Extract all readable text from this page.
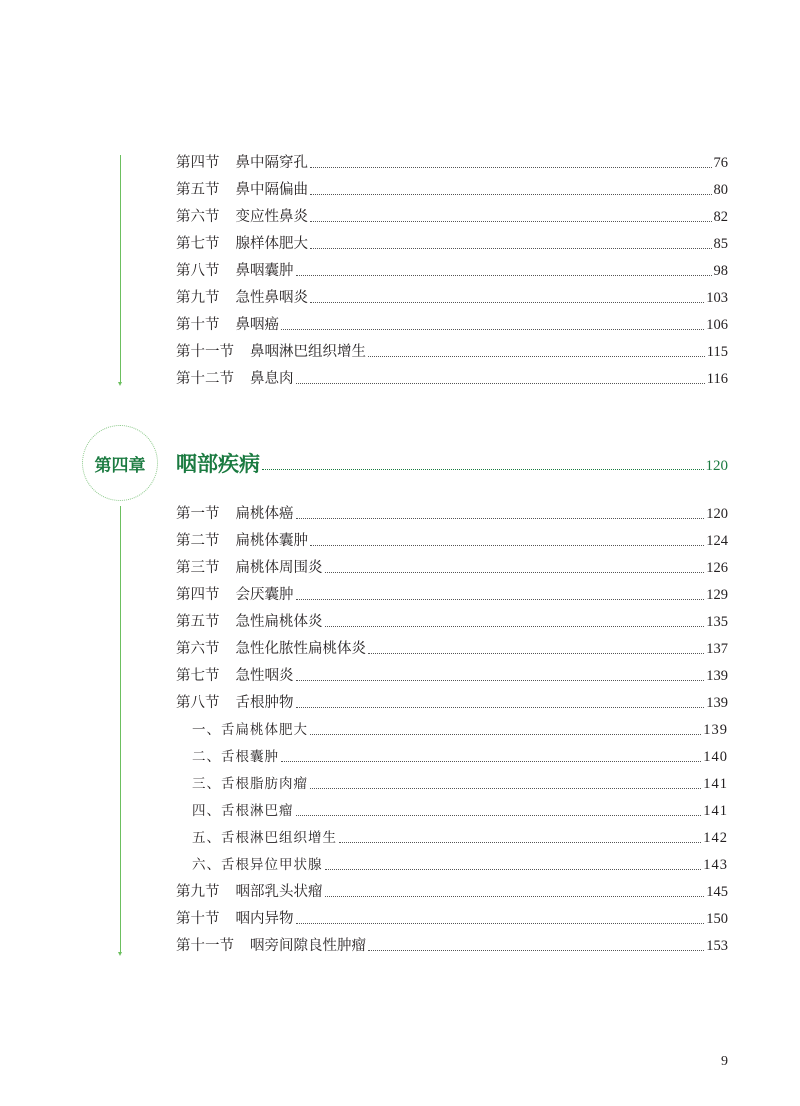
第四节 鼻中隔穿孔	76
第五节 鼻中隔偏曲	80
第六节 变应性鼻炎	82
第七节 腺样体肥大	85
第八节 鼻咽囊肿	98
第九节 急性鼻咽炎	103
第十节 鼻咽癌	106
第十一节 鼻咽淋巴组织增生	115
第十二节 鼻息肉	116
第四章 咽部疾病	120
第一节 扁桃体癌	120
第二节 扁桃体囊肿	124
第三节 扁桃体周围炎	126
第四节 会厌囊肿	129
第五节 急性扁桃体炎	135
第六节 急性化脓性扁桃体炎	137
第七节 急性咽炎	139
第八节 舌根肿物	139
一、舌扁桃体肥大	139
二、舌根囊肿	140
三、舌根脂肪肉瘤	141
四、舌根淋巴瘤	141
五、舌根淋巴组织增生	142
六、舌根异位甲状腺	143
第九节 咽部乳头状瘤	145
第十节 咽内异物	150
第十一节 咽旁间隙良性肿瘤	153
9
